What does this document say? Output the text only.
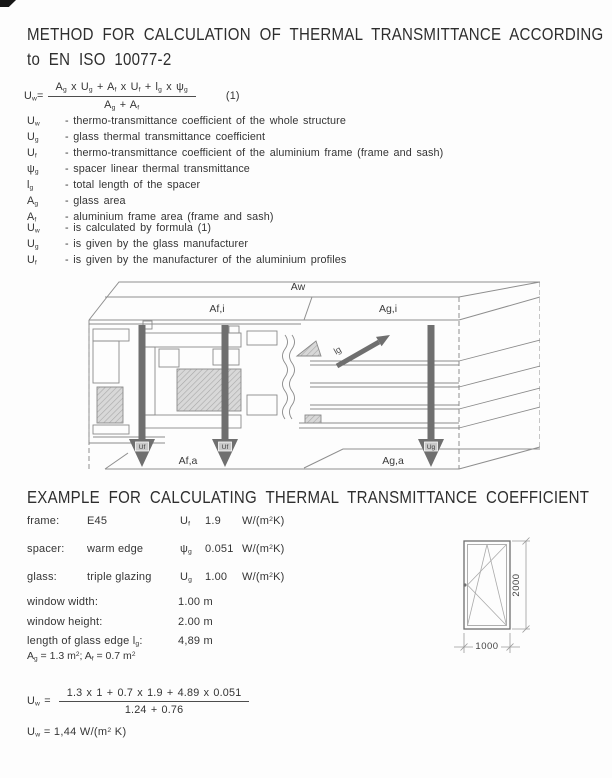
METHOD FOR CALCULATION OF THERMAL TRANSMITTANCE ACCORDING
to EN ISO 10077-2
$U_w= \frac{A_g x U_g + A_f x U_f + l_g x \psi_g}{A_g + A_f}$	(1)
$U_w$	- thermo-transmittance coefficient of the whole structure
$U_g$	- glass thermal transmittance coefficient
$U_f$	- thermo-transmittance coefficient of the aluminium frame (frame and sash)
$\psi_g$	- spacer linear thermal transmittance
$l_g$	- total length of the spacer
$A_g$	- glass area
$A_f$	- aluminium frame area (frame and sash)
$U_w$	- is calculated by formula (1)
$U_g$	- is given by the glass manufacturer
$U_f$	- is given by the manufacturer of the aluminium profiles
lg
Uf	Uf	Ug
Aw
Af,i	Ag,i
Af,a	Ag,a
EXAMPLE FOR CALCULATING THERMAL TRANSMITTANCE COEFFICIENT
frame:	E45	$U_f$	1.9	$W/(m^2K)$
spacer:	warm edge	$\psi_g$	0.051 $W/(m^2K)$
glass:	triple glazing	$U_g$	1.00	$W/(m^2K)$
window width:	1.00 m
window height:	2.00 m
length of glass edge $l_g$:	4,89 m
$A_g = 1.3$ $m^2$; $A_f = 0.7$ $m^2$
$U_w = \frac{1.3 x 1 + 0.7 x 1.9 + 4.89 x 0.051}{1.24 + 0.76}$
$U_w = 1,44$ $W/(m^2$ K)
1000
2000
